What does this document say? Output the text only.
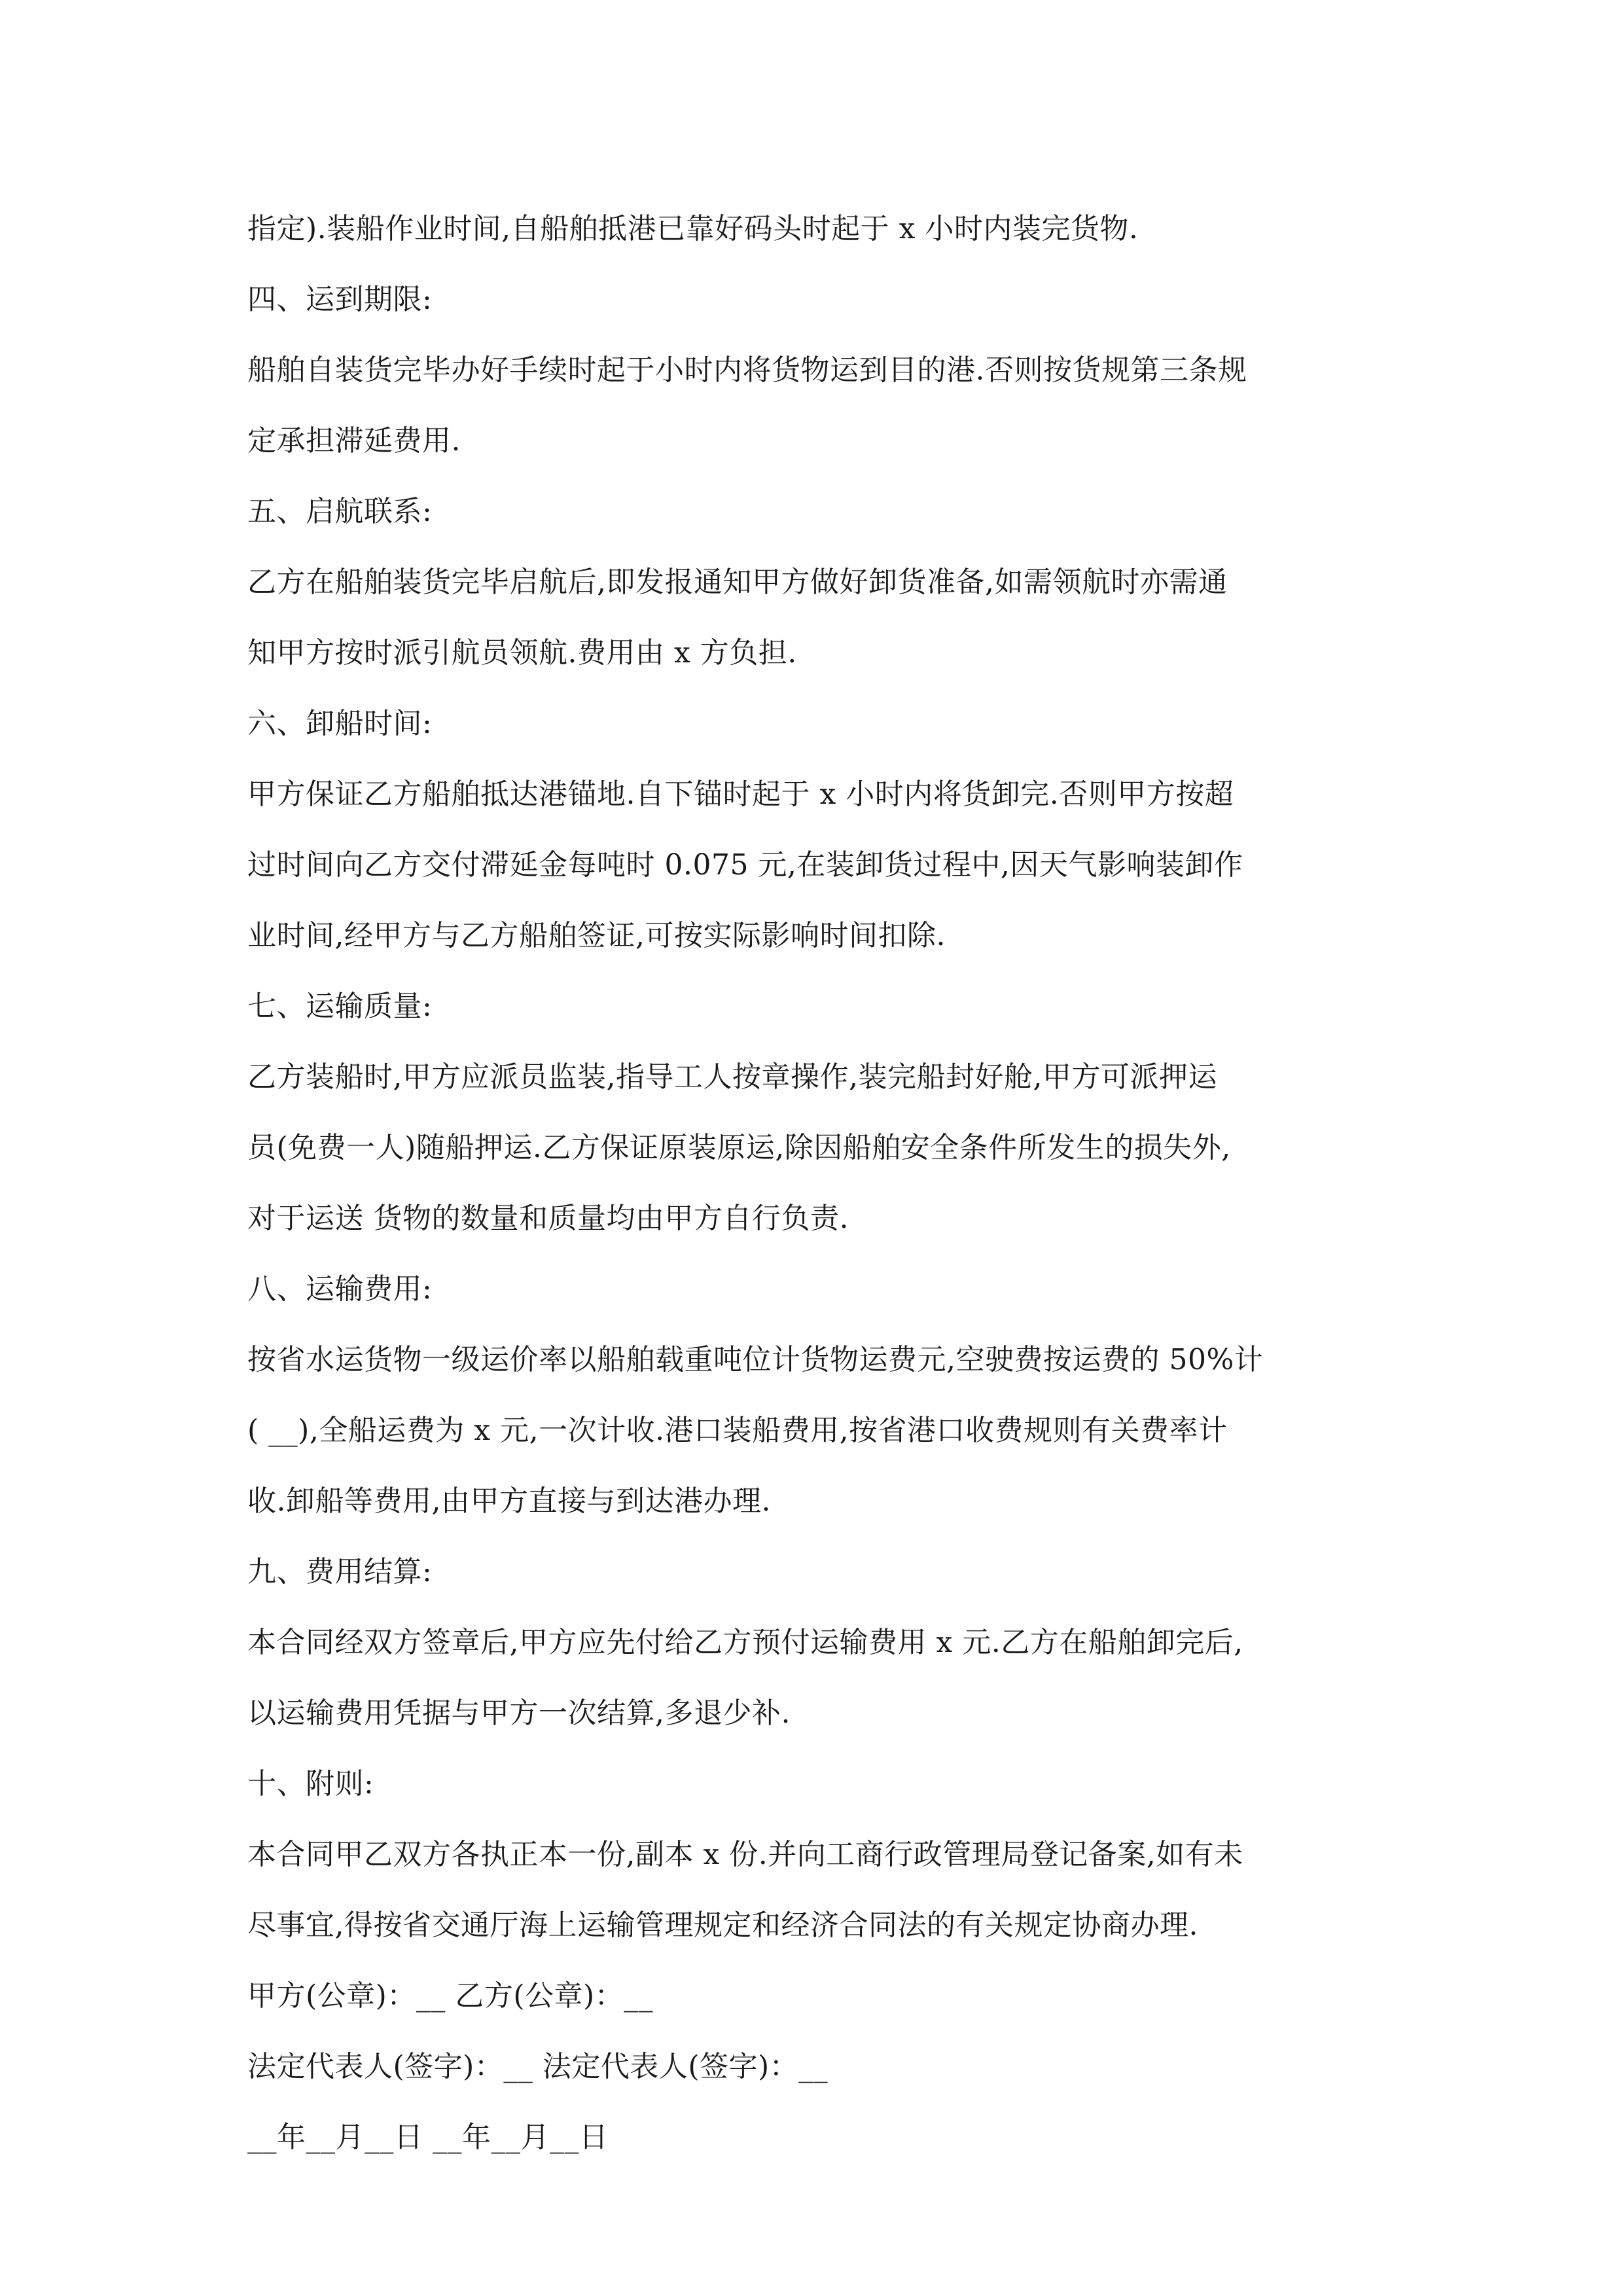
指定).装船作业时间,自船舶抵港已靠好码头时起于 x 小时内装完货物.
四、运到期限:
船舶自装货完毕办好手续时起于小时内将货物运到目的港.否则按货规第三条规
定承担滞延费用.
五、启航联系:
乙方在船舶装货完毕启航后,即发报通知甲方做好卸货准备,如需领航时亦需通
知甲方按时派引航员领航.费用由 x 方负担.
六、卸船时间:
甲方保证乙方船舶抵达港锚地.自下锚时起于 x 小时内将货卸完.否则甲方按超
过时间向乙方交付滞延金每吨时 0.075 元,在装卸货过程中,因天气影响装卸作
业时间,经甲方与乙方船舶签证,可按实际影响时间扣除.
七、运输质量:
乙方装船时,甲方应派员监装,指导工人按章操作,装完船封好舱,甲方可派押运
员(免费一人)随船押运.乙方保证原装原运,除因船舶安全条件所发生的损失外,
对于运送 货物的数量和质量均由甲方自行负责.
八、运输费用:
按省水运货物一级运价率以船舶载重吨位计货物运费元,空驶费按运费的 50%计
( __),全船运费为 x 元,一次计收.港口装船费用,按省港口收费规则有关费率计
收.卸船等费用,由甲方直接与到达港办理.
九、费用结算:
本合同经双方签章后,甲方应先付给乙方预付运输费用 x 元.乙方在船舶卸完后,
以运输费用凭据与甲方一次结算,多退少补.
十、附则:
本合同甲乙双方各执正本一份,副本 x 份.并向工商行政管理局登记备案,如有未
尽事宜,得按省交通厅海上运输管理规定和经济合同法的有关规定协商办理.
甲方(公章)：__ 乙方(公章)：__
法定代表人(签字)：__ 法定代表人(签字)：__
__年__月__日 __年__月__日
